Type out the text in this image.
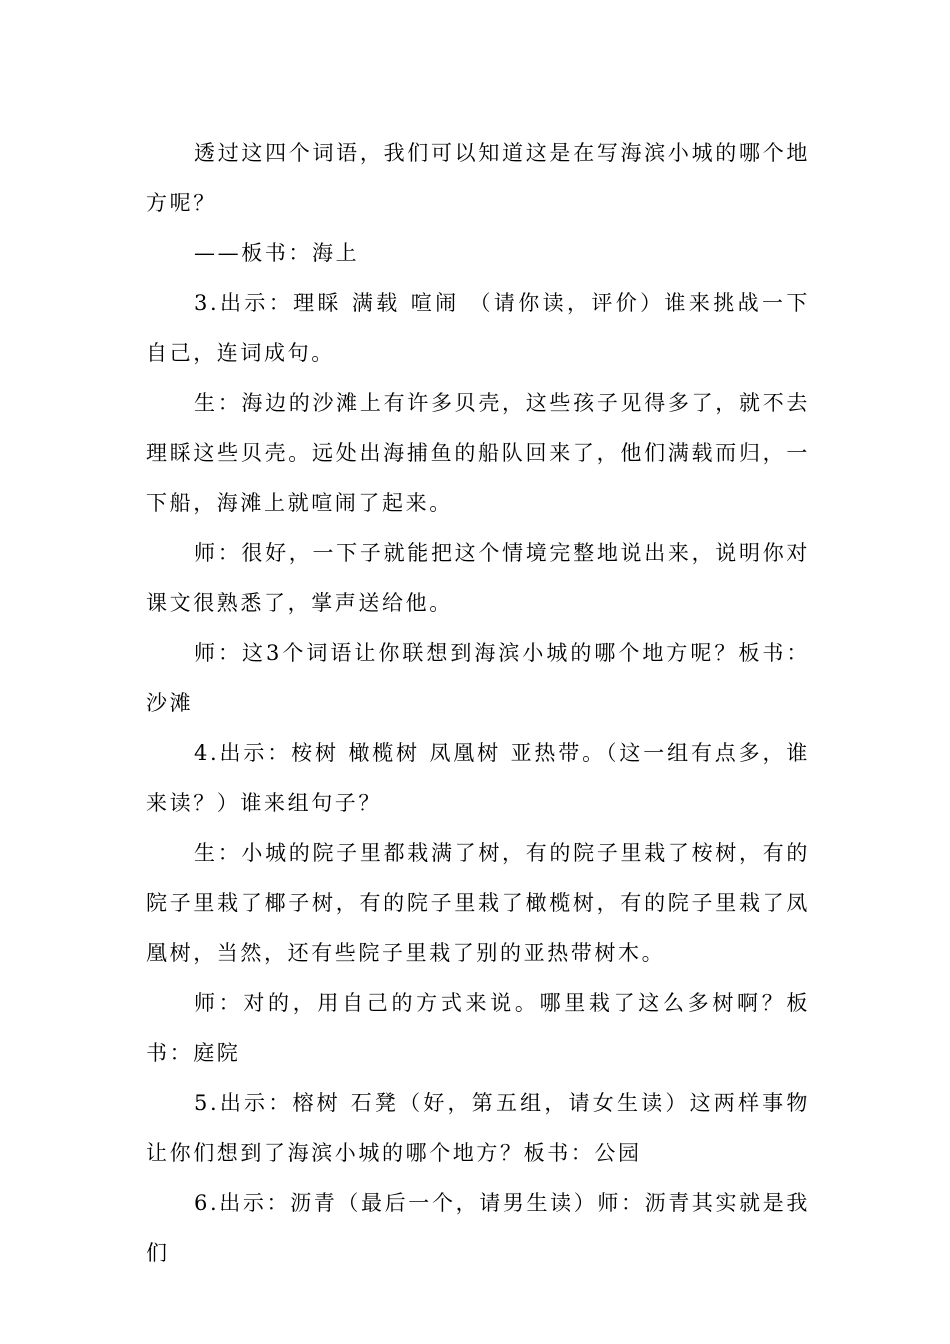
透过这四个词语，我们可以知道这是在写海滨小城的哪个地方呢？

——板书：海上

3.出示：理睬 满载 喧闹 （请你读，评价）谁来挑战一下自己，连词成句。

生：海边的沙滩上有许多贝壳，这些孩子见得多了，就不去理睬这些贝壳。远处出海捕鱼的船队回来了，他们满载而归，一下船，海滩上就喧闹了起来。

师：很好，一下子就能把这个情境完整地说出来，说明你对课文很熟悉了，掌声送给他。

师：这3个词语让你联想到海滨小城的哪个地方呢？板书：沙滩

4.出示：桉树 橄榄树 凤凰树 亚热带。（这一组有点多，谁来读？）谁来组句子？

生：小城的院子里都栽满了树，有的院子里栽了桉树，有的院子里栽了椰子树，有的院子里栽了橄榄树，有的院子里栽了凤凰树，当然，还有些院子里栽了别的亚热带树木。

师：对的，用自己的方式来说。哪里栽了这么多树啊？板书：庭院

5.出示：榕树 石凳（好，第五组，请女生读）这两样事物让你们想到了海滨小城的哪个地方？板书：公园

6.出示：沥青（最后一个，请男生读）师：沥青其实就是我们
